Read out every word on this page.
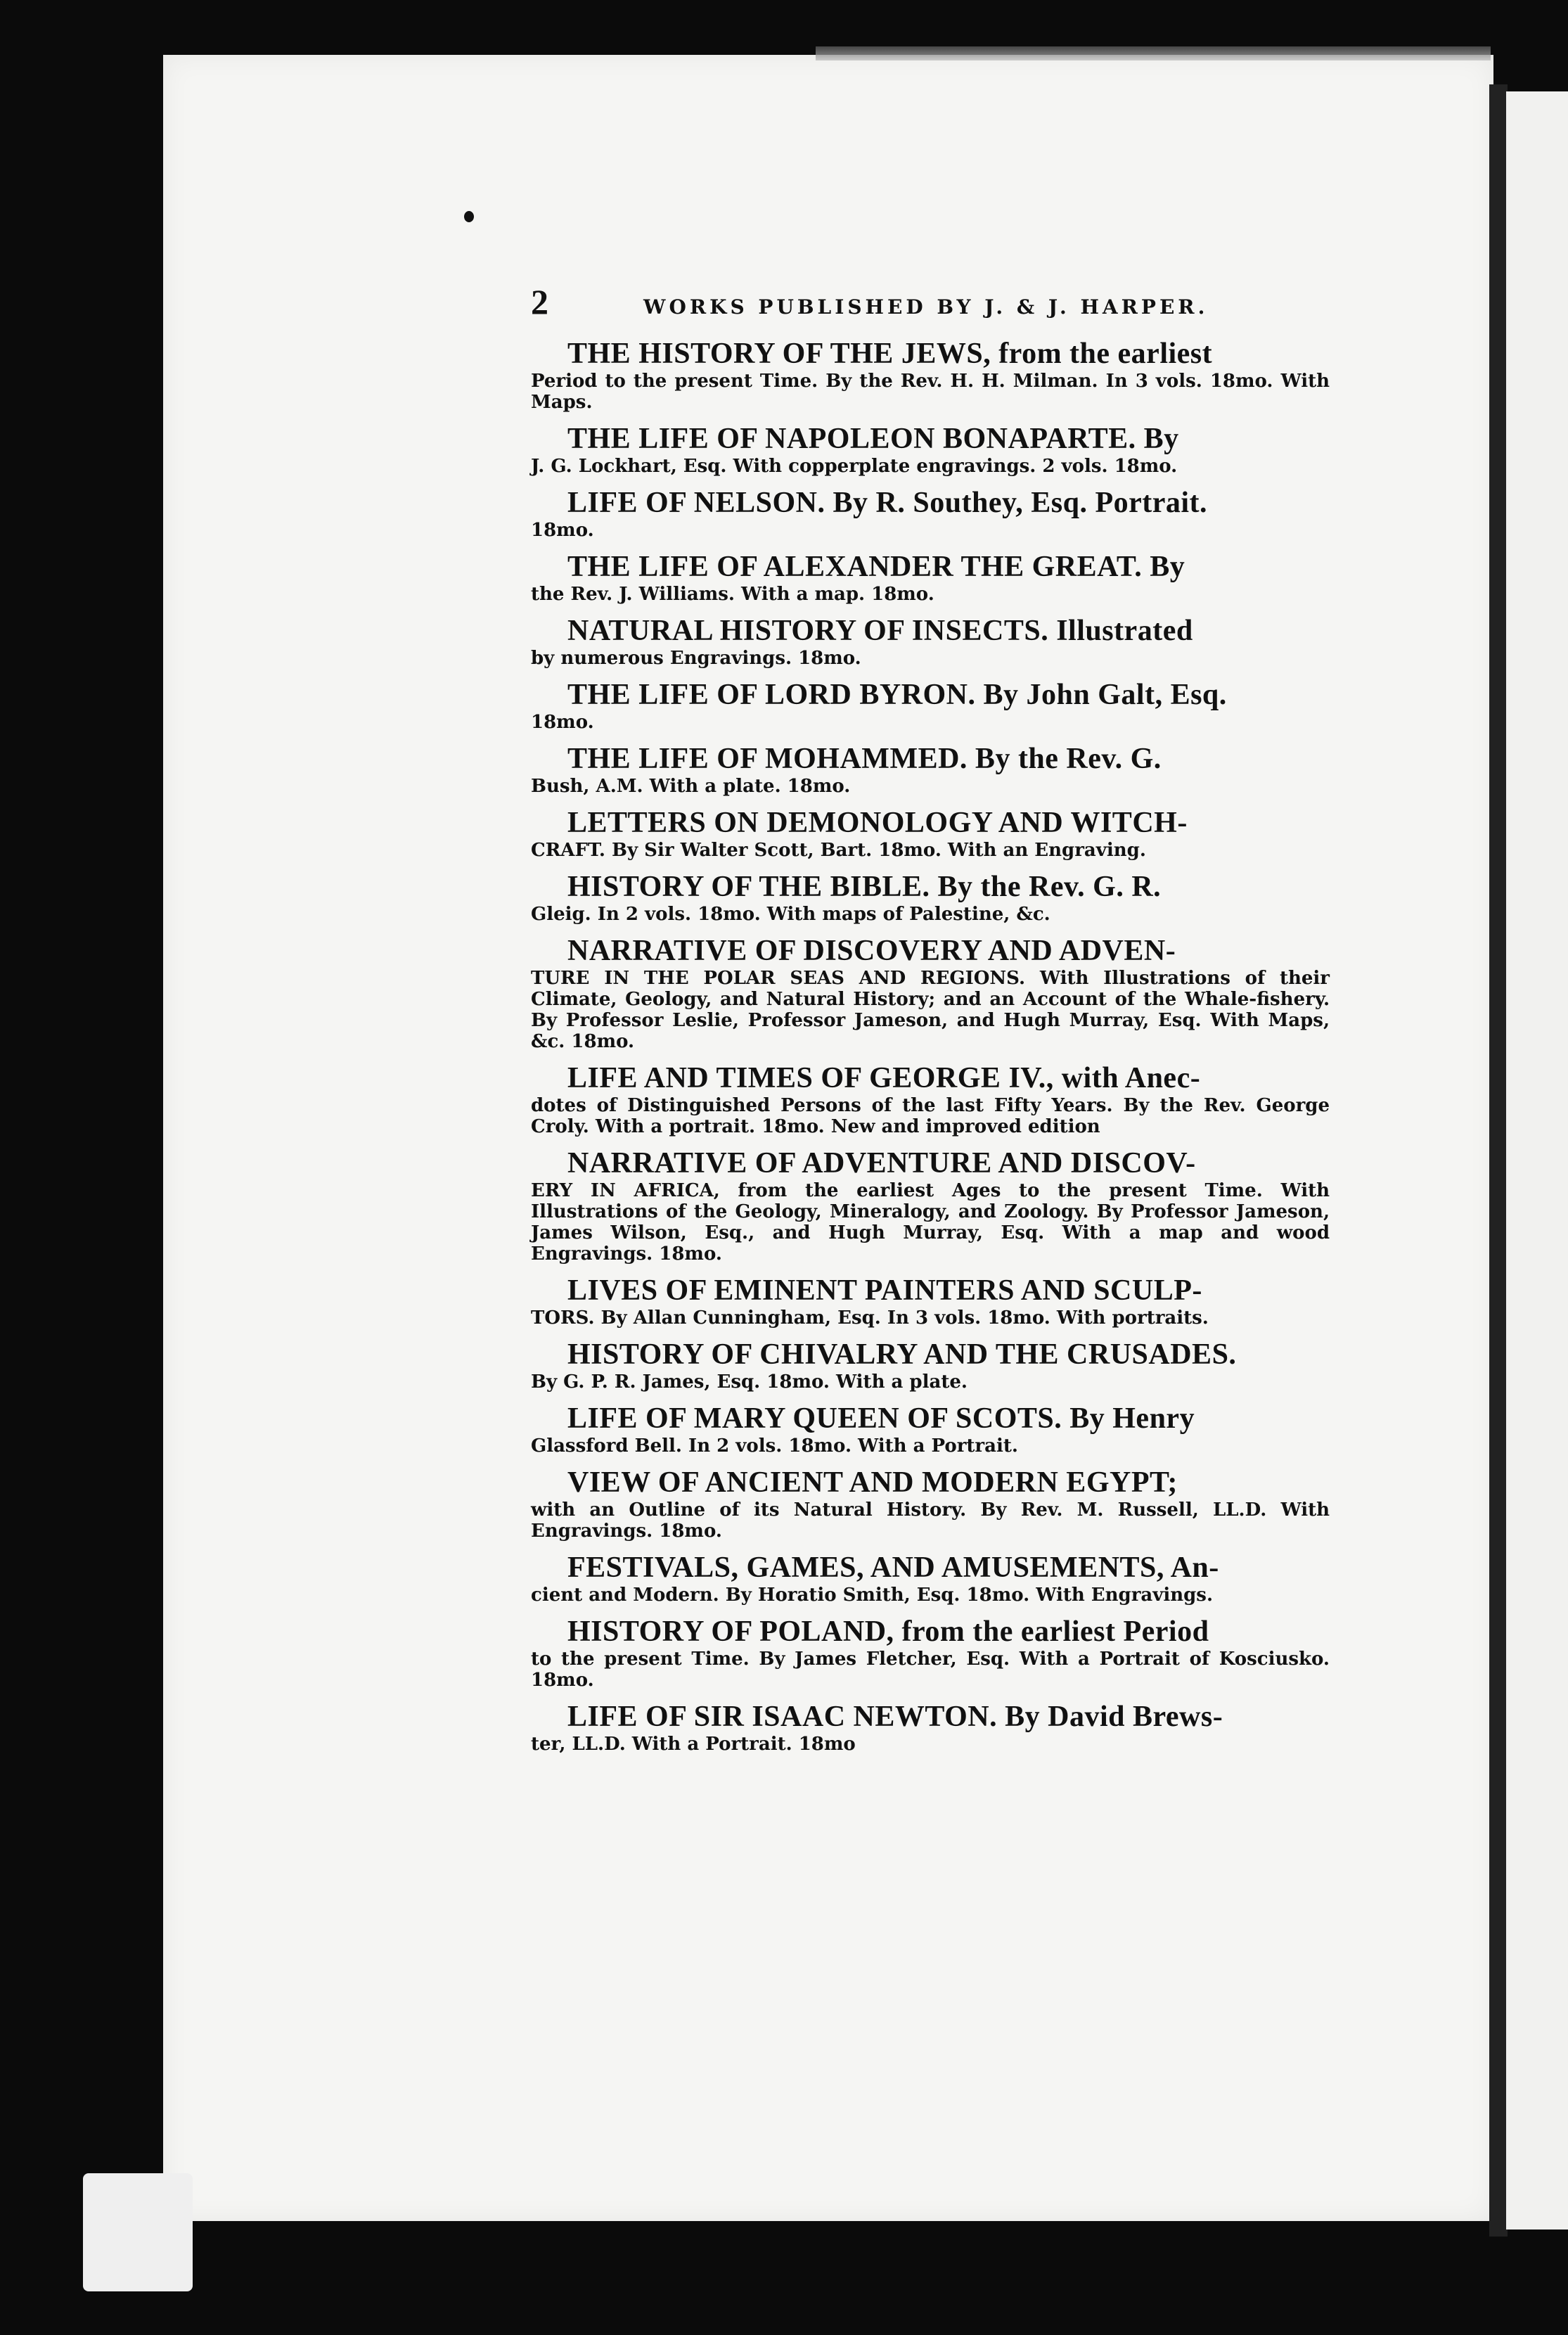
2	WORKS PUBLISHED BY J. & J. HARPER.
THE HISTORY OF THE JEWS, from the earliest
Period to the present Time. By the Rev. H. H. Milman. In 3 vols. 18mo. With Maps.
THE LIFE OF NAPOLEON BONAPARTE. By
J. G. Lockhart, Esq. With copperplate engravings. 2 vols. 18mo.
LIFE OF NELSON. By R. Southey, Esq. Portrait.
18mo.
THE LIFE OF ALEXANDER THE GREAT. By
the Rev. J. Williams. With a map. 18mo.
NATURAL HISTORY OF INSECTS. Illustrated
by numerous Engravings. 18mo.
THE LIFE OF LORD BYRON. By John Galt, Esq.
18mo.
THE LIFE OF MOHAMMED. By the Rev. G.
Bush, A.M. With a plate. 18mo.
LETTERS ON DEMONOLOGY AND WITCH-
CRAFT. By Sir Walter Scott, Bart. 18mo. With an Engraving.
HISTORY OF THE BIBLE. By the Rev. G. R.
Gleig. In 2 vols. 18mo. With maps of Palestine, &c.
NARRATIVE OF DISCOVERY AND ADVEN-
TURE IN THE POLAR SEAS AND REGIONS. With Illustrations of their Climate, Geology, and Natural History; and an Account of the Whale-fishery. By Professor Leslie, Professor Jameson, and Hugh Murray, Esq. With Maps, &c. 18mo.
LIFE AND TIMES OF GEORGE IV., with Anec-
dotes of Distinguished Persons of the last Fifty Years. By the Rev. George Croly. With a portrait. 18mo. New and improved edition
NARRATIVE OF ADVENTURE AND DISCOV-
ERY IN AFRICA, from the earliest Ages to the present Time. With Illustrations of the Geology, Mineralogy, and Zoology. By Professor Jameson, James Wilson, Esq., and Hugh Murray, Esq. With a map and wood Engravings. 18mo.
LIVES OF EMINENT PAINTERS AND SCULP-
TORS. By Allan Cunningham, Esq. In 3 vols. 18mo. With portraits.
HISTORY OF CHIVALRY AND THE CRUSADES.
By G. P. R. James, Esq. 18mo. With a plate.
LIFE OF MARY QUEEN OF SCOTS. By Henry
Glassford Bell. In 2 vols. 18mo. With a Portrait.
VIEW OF ANCIENT AND MODERN EGYPT;
with an Outline of its Natural History. By Rev. M. Russell, LL.D. With Engravings. 18mo.
FESTIVALS, GAMES, AND AMUSEMENTS, An-
cient and Modern. By Horatio Smith, Esq. 18mo. With Engravings.
HISTORY OF POLAND, from the earliest Period
to the present Time. By James Fletcher, Esq. With a Portrait of Kosciusko. 18mo.
LIFE OF SIR ISAAC NEWTON. By David Brews-
ter, LL.D. With a Portrait. 18mo
